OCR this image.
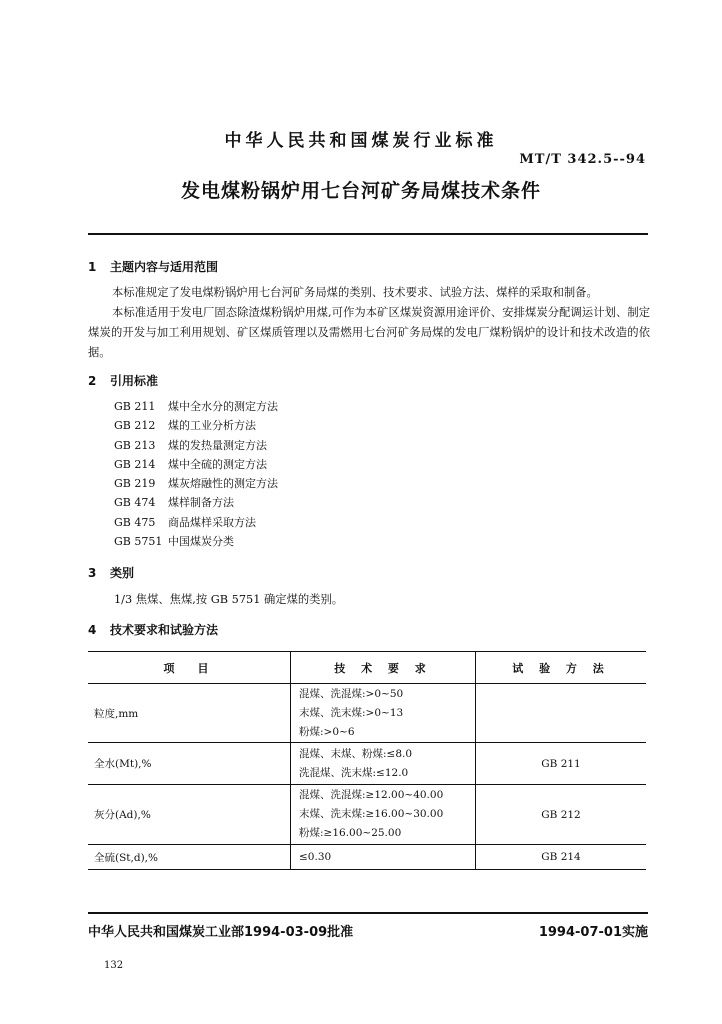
中华人民共和国煤炭行业标准
MT/T 342.5--94
发电煤粉锅炉用七台河矿务局煤技术条件
1 主题内容与适用范围
本标准规定了发电煤粉锅炉用七台河矿务局煤的类别、技术要求、试验方法、煤样的采取和制备。
本标准适用于发电厂固态除渣煤粉锅炉用煤,可作为本矿区煤炭资源用途评价、安排煤炭分配调运计划、制定煤炭的开发与加工利用规划、矿区煤质管理以及需燃用七台河矿务局煤的发电厂煤粉锅炉的设计和技术改造的依据。
2 引用标准
GB 211 煤中全水分的测定方法
GB 212 煤的工业分析方法
GB 213 煤的发热量测定方法
GB 214 煤中全硫的测定方法
GB 219 煤灰熔融性的测定方法
GB 474 煤样制备方法
GB 475 商品煤样采取方法
GB 5751 中国煤炭分类
3 类别
1/3 焦煤、焦煤,按 GB 5751 确定煤的类别。
4 技术要求和试验方法
项　目	技 术 要 求	试 验 方 法
粒度,mm	混煤、洗混煤:>0~50
末煤、洗末煤:>0~13
粉煤:>0~6	

全水(Mt),%	混煤、末煤、粉煤:≤8.0
洗混煤、洗末煤:≤12.0	GB 211
灰分(Ad),%	混煤、洗混煤:≥12.00~40.00
末煤、洗末煤:≥16.00~30.00
粉煤:≥16.00~25.00	GB 212
全硫(St,d),%	≤0.30	GB 214
中华人民共和国煤炭工业部1994-03-09批准	1994-07-01实施
132
